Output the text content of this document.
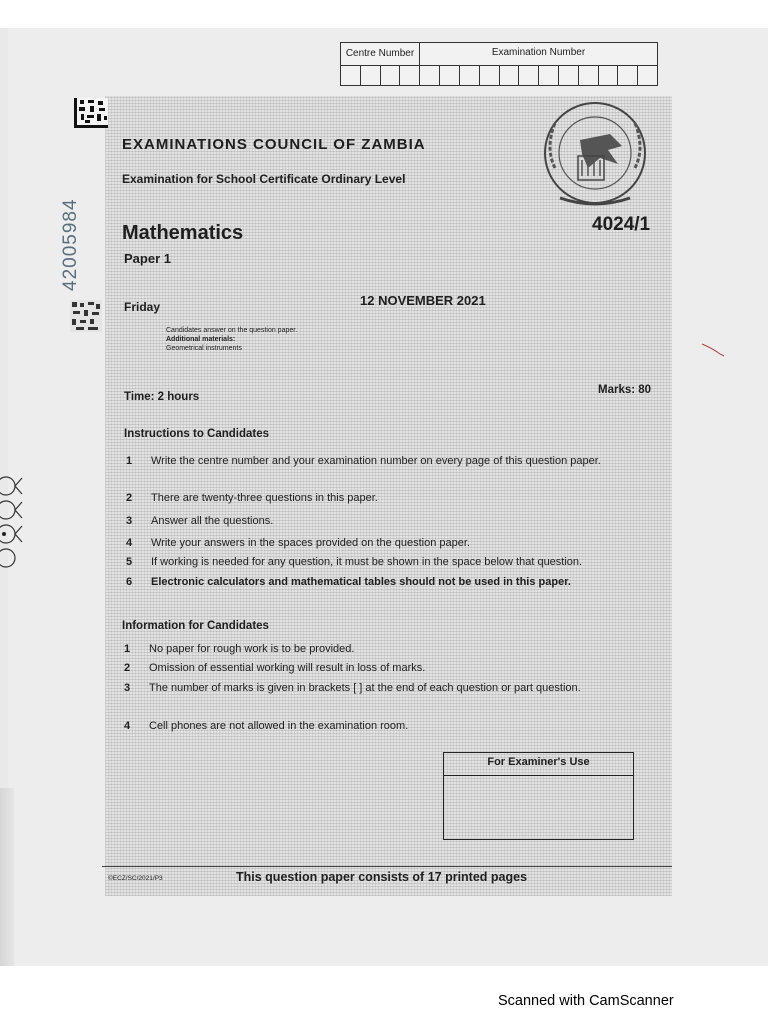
Centre Number	Examination Number
42005984
EXAMINATIONS COUNCIL OF ZAMBIA
Examination for School Certificate Ordinary Level
4024/1
Mathematics
Paper 1
Friday	12 NOVEMBER 2021
Candidates answer on the question paper.
Additional materials:
Geometrical instruments
Time: 2 hours
Marks: 80
Instructions to Candidates
1	Write the centre number and your examination number on every page of this question paper.
2	There are twenty-three questions in this paper.
3	Answer all the questions.
4	Write your answers in the spaces provided on the question paper.
5	If working is needed for any question, it must be shown in the space below that question.
6	Electronic calculators and mathematical tables should not be used in this paper.
Information for Candidates
1	No paper for rough work is to be provided.
2	Omission of essential working will result in loss of marks.
3	The number of marks is given in brackets [ ] at the end of each question or part question.
4	Cell phones are not allowed in the examination room.
For Examiner's Use
©ECZ/SC/2021/P3	This question paper consists of 17 printed pages
Scanned with CamScanner
